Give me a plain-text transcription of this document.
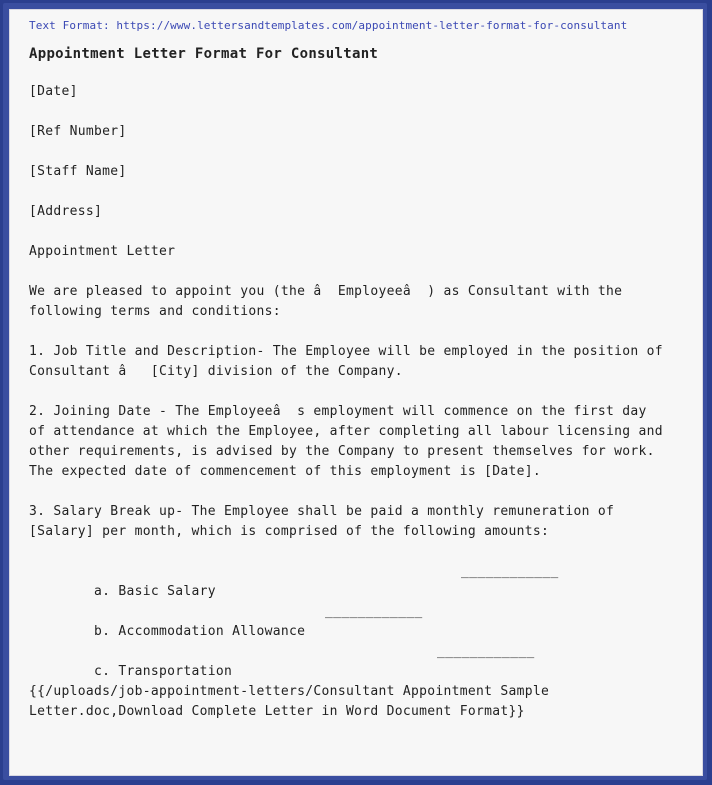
Text Format: https://www.lettersandtemplates.com/appointment-letter-format-for-consultant
Appointment Letter Format For Consultant
[Date]
[Ref Number]
[Staff Name]
[Address]
Appointment Letter
We are pleased to appoint you (the â  Employeeâ  ) as Consultant with the following terms and conditions:
1. Job Title and Description- The Employee will be employed in the position of Consultant â   [City] division of the Company.
2. Joining Date - The Employeeâ  s employment will commence on the first day of attendance at which the Employee, after completing all labour licensing and other requirements, is advised by the Company to present themselves for work. The expected date of commencement of this employment is [Date].
3. Salary Break up- The Employee shall be paid a monthly remuneration of [Salary] per month, which is comprised of the following amounts:

a. Basic Salary

____________

b. Accommodation Allowance

____________

c. Transportation

____________

{{/uploads/job-appointment-letters/Consultant Appointment Sample Letter.doc,Download Complete Letter in Word Document Format}}
